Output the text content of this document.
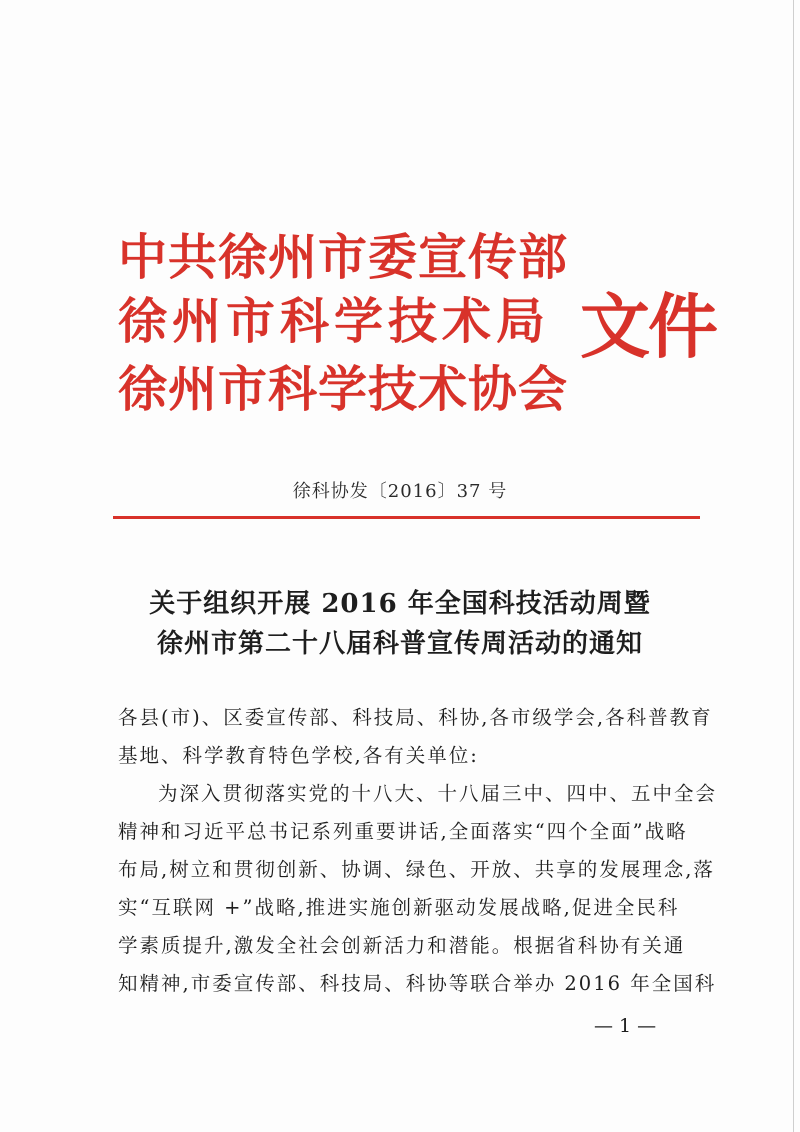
中共徐州市委宣传部
徐州市科学技术局
徐州市科学技术协会
文件
徐科协发〔2016〕37 号
关于组织开展 2016 年全国科技活动周暨
徐州市第二十八届科普宣传周活动的通知
各县(市)、区委宣传部、科技局、科协,各市级学会,各科普教育
基地、科学教育特色学校,各有关单位:
为深入贯彻落实党的十八大、十八届三中、四中、五中全会
精神和习近平总书记系列重要讲话,全面落实“四个全面”战略
布局,树立和贯彻创新、协调、绿色、开放、共享的发展理念,落
实“互联网 +”战略,推进实施创新驱动发展战略,促进全民科
学素质提升,激发全社会创新活力和潜能。根据省科协有关通
知精神,市委宣传部、科技局、科协等联合举办 2016 年全国科
— 1 —
